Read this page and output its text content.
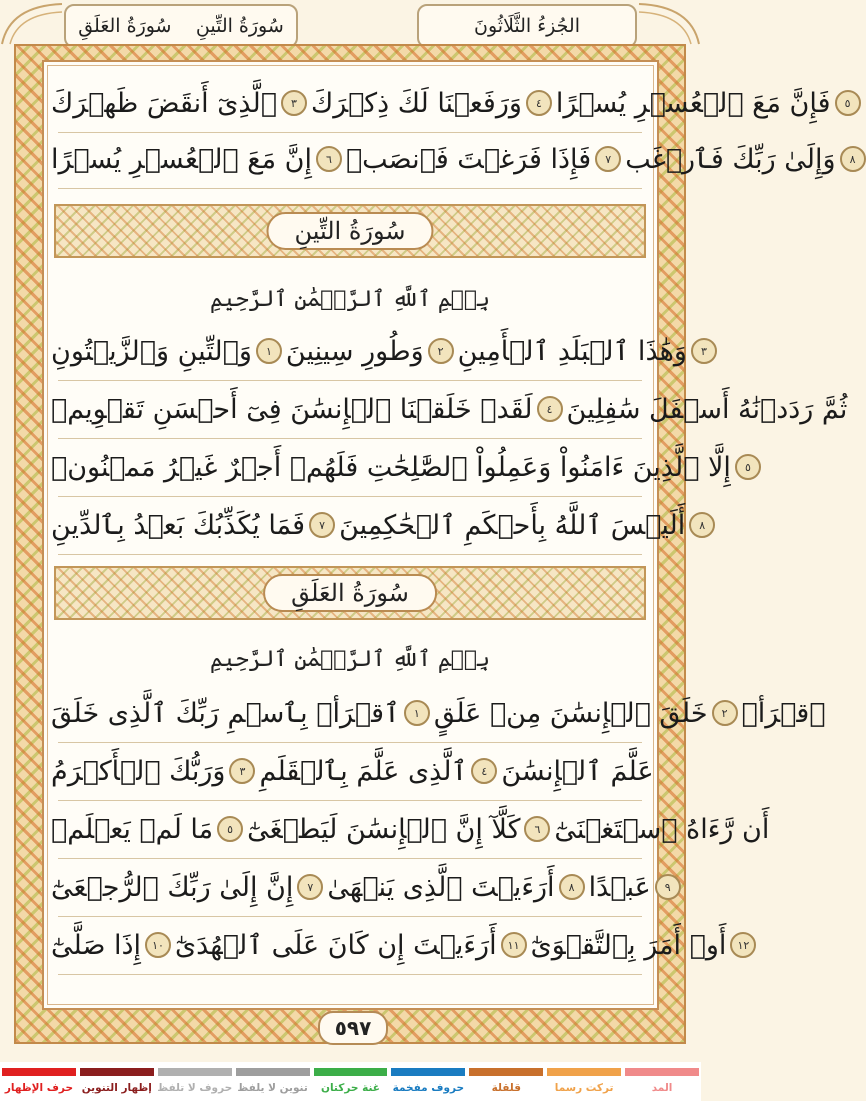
سُورَةُ التِّينِ
سُورَةُ العَلَقِ	الجُزءُ الثَّلَاثُونَ
ٱلَّذِىٓ أَنقَضَ ظَهۡرَكَ	٣ وَرَفَعۡنَا لَكَ ذِكۡرَكَ	٤ فَإِنَّ مَعَ ٱلۡعُسۡرِ يُسۡرًا	٥
إِنَّ مَعَ ٱلۡعُسۡرِ يُسۡرًا	٦ فَإِذَا فَرَغۡتَ فَٱنصَبۡ	٧ وَإِلَىٰ رَبِّكَ فَٱرۡغَب	٨
وَٱلتِّينِ وَٱلزَّيۡتُونِ	١ وَطُورِ سِينِينَ	٢ وَهَٰذَا ٱلۡبَلَدِ ٱلۡأَمِينِ	٣
لَقَدۡ خَلَقۡنَا ٱلۡإِنسَٰنَ فِىٓ أَحۡسَنِ تَقۡوِيمٖ	٤ ثُمَّ رَدَدۡنَٰهُ أَسۡفَلَ سَٰفِلِينَ
إِلَّا ٱلَّذِينَ ءَامَنُواْ وَعَمِلُواْ ٱلصَّٰلِحَٰتِ فَلَهُمۡ أَجۡرٌ غَيۡرُ مَمۡنُونٖ	٥
فَمَا يُكَذِّبُكَ بَعۡدُ بِٱلدِّينِ	٧ أَلَيۡسَ ٱللَّهُ بِأَحۡكَمِ ٱلۡحَٰكِمِينَ	٨
ٱقۡرَأۡ بِٱسۡمِ رَبِّكَ ٱلَّذِى خَلَقَ	١ خَلَقَ ٱلۡإِنسَٰنَ مِنۡ عَلَقٍ	٢ ٱقۡرَأۡ
وَرَبُّكَ ٱلۡأَكۡرَمُ	٣ ٱلَّذِى عَلَّمَ بِٱلۡقَلَمِ	٤ عَلَّمَ ٱلۡإِنسَٰنَ
مَا لَمۡ يَعۡلَمۡ	٥ كَلَّآ إِنَّ ٱلۡإِنسَٰنَ لَيَطۡغَىٰٓ	٦ أَن رَّءَاهُ ٱسۡتَغۡنَىٰٓ
إِنَّ إِلَىٰ رَبِّكَ ٱلرُّجۡعَىٰٓ	٧ أَرَءَيۡتَ ٱلَّذِى يَنۡهَىٰ	٨ عَبۡدًا	٩
إِذَا صَلَّىٰٓ	١٠ أَرَءَيۡتَ إِن كَانَ عَلَى ٱلۡهُدَىٰٓ	١١ أَوۡ أَمَرَ بِٱلتَّقۡوَىٰٓ	١٢
سُورَةُ التِّينِ
بِسۡمِ ٱللَّهِ ٱلرَّحۡمَٰنِ ٱلرَّحِيمِ
سُورَةُ العَلَقِ
بِسۡمِ ٱللَّهِ ٱلرَّحۡمَٰنِ ٱلرَّحِيمِ
٥٩٧
المد
تركت رسما
قلقلة
حروف مفخمة
غنة حركتان
تنوين لا يلفظ
حروف لا تلفظ
إظهار التنوين
حرف الإظهار
